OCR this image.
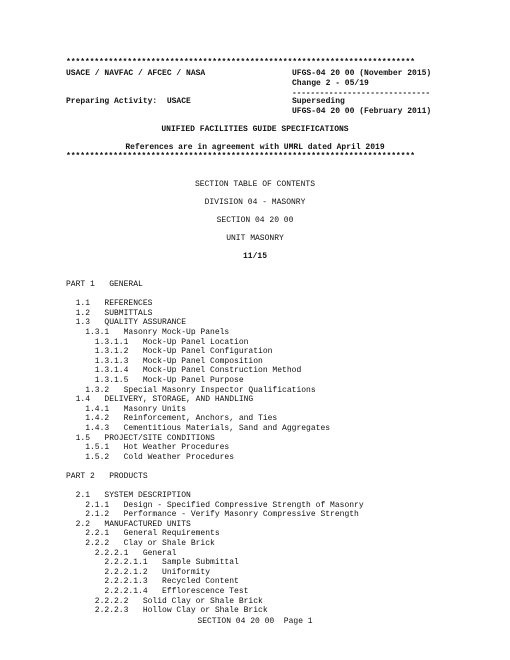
**************************************************************************
USACE / NAVFAC / AFCEC / NASA	UFGS-04 20 00 (November 2015)
Change 2 - 05/19
------------------------------
Preparing Activity:  USACE	Superseding
UFGS-04 20 00 (February 2011)
UNIFIED FACILITIES GUIDE SPECIFICATIONS
References are in agreement with UMRL dated April 2019
**************************************************************************
SECTION TABLE OF CONTENTS
DIVISION 04 - MASONRY
SECTION 04 20 00
UNIT MASONRY
11/15
PART 1   GENERAL
1.1   REFERENCES
1.2   SUBMITTALS
1.3   QUALITY ASSURANCE
1.3.1   Masonry Mock-Up Panels
1.3.1.1   Mock-Up Panel Location
1.3.1.2   Mock-Up Panel Configuration
1.3.1.3   Mock-Up Panel Composition
1.3.1.4   Mock-Up Panel Construction Method
1.3.1.5   Mock-Up Panel Purpose
1.3.2   Special Masonry Inspector Qualifications
1.4   DELIVERY, STORAGE, AND HANDLING
1.4.1   Masonry Units
1.4.2   Reinforcement, Anchors, and Ties
1.4.3   Cementitious Materials, Sand and Aggregates
1.5   PROJECT/SITE CONDITIONS
1.5.1   Hot Weather Procedures
1.5.2   Cold Weather Procedures
PART 2   PRODUCTS
2.1   SYSTEM DESCRIPTION
2.1.1   Design - Specified Compressive Strength of Masonry
2.1.2   Performance - Verify Masonry Compressive Strength
2.2   MANUFACTURED UNITS
2.2.1   General Requirements
2.2.2   Clay or Shale Brick
2.2.2.1   General
2.2.2.1.1   Sample Submittal
2.2.2.1.2   Uniformity
2.2.2.1.3   Recycled Content
2.2.2.1.4   Efflorescence Test
2.2.2.2   Solid Clay or Shale Brick
2.2.2.3   Hollow Clay or Shale Brick
SECTION 04 20 00  Page 1
